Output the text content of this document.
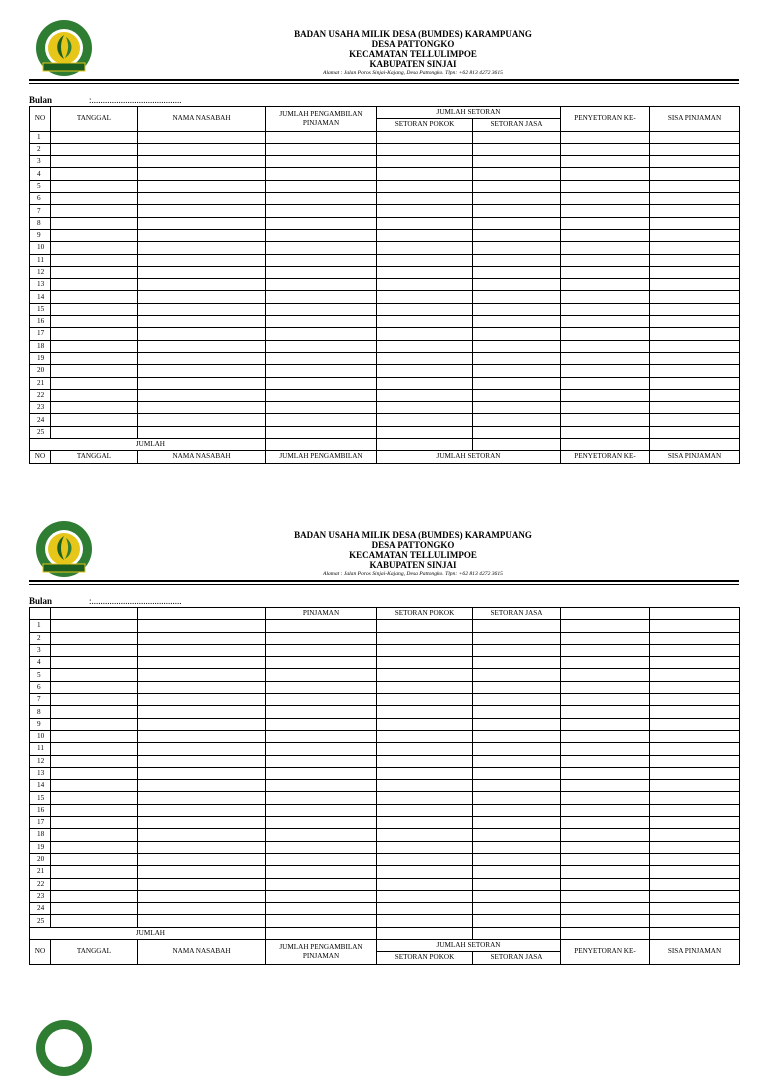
BADAN USAHA MILIK DESA (BUMDES) KARAMPUANG
DESA PATTONGKO
KECAMATAN TELLULIMPOE
KABUPATEN SINJAI
Alamat : Jalan Poros Sinjai-Kajang, Desa Pattongko. Tlpn: +62 813 4272 3615
Bulan	:........................................
NO	TANGGAL	NAMA NASABAH	JUMLAH PENGAMBILAN PINJAMAN	JUMLAH SETORAN		PENYETORAN KE-	SISA PINJAMAN
				SETORAN POKOK	SETORAN JASA		
1							
2							
3							
4							
5							
6							
7							
8							
9							
10							
11							
12							
13							
14							
15							
16							
17							
18							
19							
20							
21							
22							
23							
24							
25							
JUMLAH							
NO	TANGGAL	NAMA NASABAH	JUMLAH PENGAMBILAN	JUMLAH SETORAN		PENYETORAN KE-	SISA PINJAMAN
BADAN USAHA MILIK DESA (BUMDES) KARAMPUANG
DESA PATTONGKO
KECAMATAN TELLULIMPOE
KABUPATEN SINJAI
Alamat : Jalan Poros Sinjai-Kajang, Desa Pattongko. Tlpn: +62 813 4272 3615
Bulan	:........................................
			PINJAMAN	SETORAN POKOK	SETORAN JASA		
1							
2							
3							
4							
5							
6							
7							
8							
9							
10							
11							
12							
13							
14							
15							
16							
17							
18							
19							
20							
21							
22							
23							
24							
25							
JUMLAH							
NO	TANGGAL	NAMA NASABAH	JUMLAH PENGAMBILAN PINJAMAN	JUMLAH SETORAN		PENYETORAN KE-	SISA PINJAMAN
				SETORAN POKOK	SETORAN JASA		
